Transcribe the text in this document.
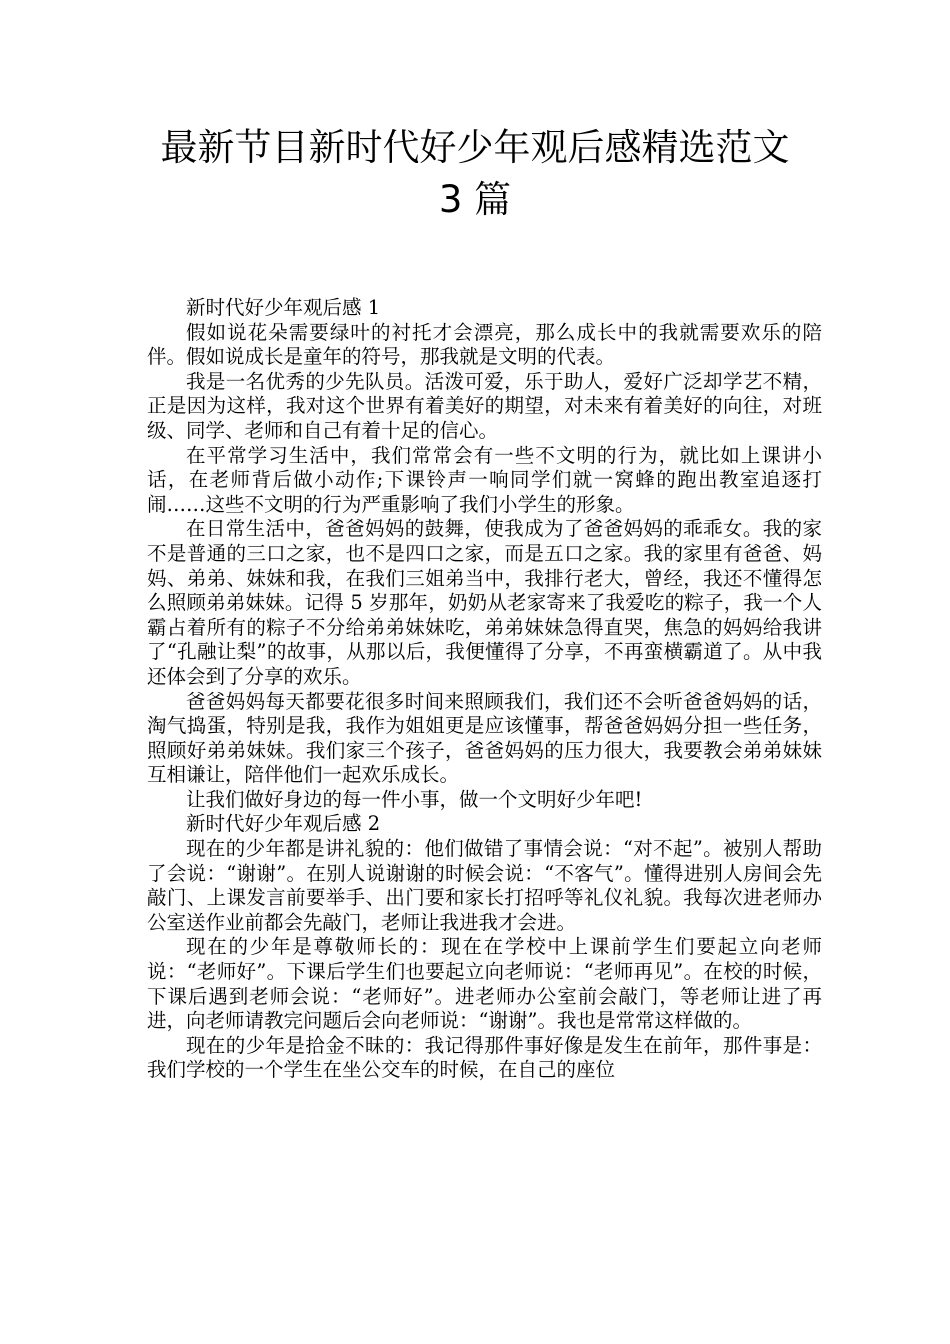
最新节目新时代好少年观后感精选范文
3 篇

新时代好少年观后感 1

假如说花朵需要绿叶的衬托才会漂亮，那么成长中的我就需要欢乐的陪伴。假如说成长是童年的符号，那我就是文明的代表。

我是一名优秀的少先队员。活泼可爱，乐于助人，爱好广泛却学艺不精，正是因为这样，我对这个世界有着美好的期望，对未来有着美好的向往，对班级、同学、老师和自己有着十足的信心。

在平常学习生活中，我们常常会有一些不文明的行为，就比如上课讲小话，在老师背后做小动作;下课铃声一响同学们就一窝蜂的跑出教室追逐打闹……这些不文明的行为严重影响了我们小学生的形象。

在日常生活中，爸爸妈妈的鼓舞，使我成为了爸爸妈妈的乖乖女。我的家不是普通的三口之家，也不是四口之家，而是五口之家。我的家里有爸爸、妈妈、弟弟、妹妹和我，在我们三姐弟当中，我排行老大，曾经，我还不懂得怎么照顾弟弟妹妹。记得 5 岁那年，奶奶从老家寄来了我爱吃的粽子，我一个人霸占着所有的粽子不分给弟弟妹妹吃，弟弟妹妹急得直哭，焦急的妈妈给我讲了“孔融让梨”的故事，从那以后，我便懂得了分享，不再蛮横霸道了。从中我还体会到了分享的欢乐。

爸爸妈妈每天都要花很多时间来照顾我们，我们还不会听爸爸妈妈的话，淘气捣蛋，特别是我，我作为姐姐更是应该懂事，帮爸爸妈妈分担一些任务，照顾好弟弟妹妹。我们家三个孩子，爸爸妈妈的压力很大，我要教会弟弟妹妹互相谦让，陪伴他们一起欢乐成长。

让我们做好身边的每一件小事，做一个文明好少年吧!

新时代好少年观后感 2

现在的少年都是讲礼貌的：他们做错了事情会说：“对不起”。被别人帮助了会说：“谢谢”。在别人说谢谢的时候会说：“不客气”。懂得进别人房间会先敲门、上课发言前要举手、出门要和家长打招呼等礼仪礼貌。我每次进老师办公室送作业前都会先敲门，老师让我进我才会进。

现在的少年是尊敬师长的：现在在学校中上课前学生们要起立向老师说：“老师好”。下课后学生们也要起立向老师说：“老师再见”。在校的时候，下课后遇到老师会说：“老师好”。进老师办公室前会敲门，等老师让进了再进，向老师请教完问题后会向老师说：“谢谢”。我也是常常这样做的。

现在的少年是拾金不昧的：我记得那件事好像是发生在前年，那件事是：我们学校的一个学生在坐公交车的时候，在自己的座位
